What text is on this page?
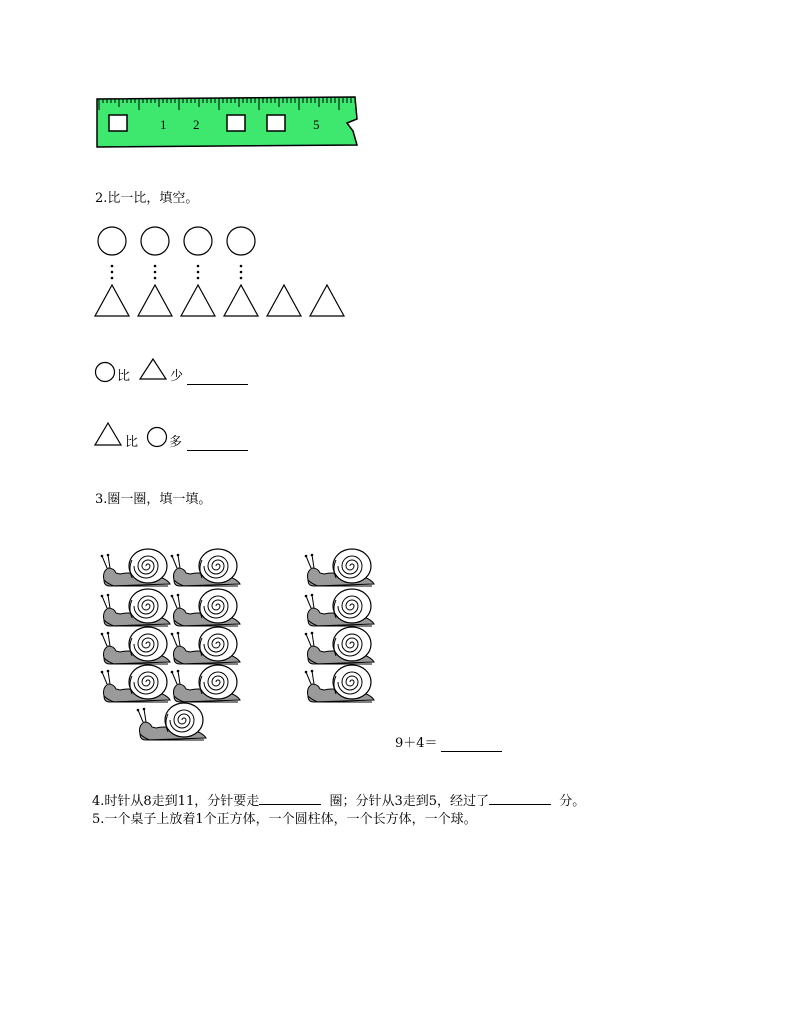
1 2	5
2.比一比，填空。
比	少
比 多
3.圈一圈，填一填。
9＋4＝
4.时针从8走到11，分针要走	圈；分针从3走到5，经过了	分。
5.一个桌子上放着1个正方体，一个圆柱体，一个长方体，一个球。
